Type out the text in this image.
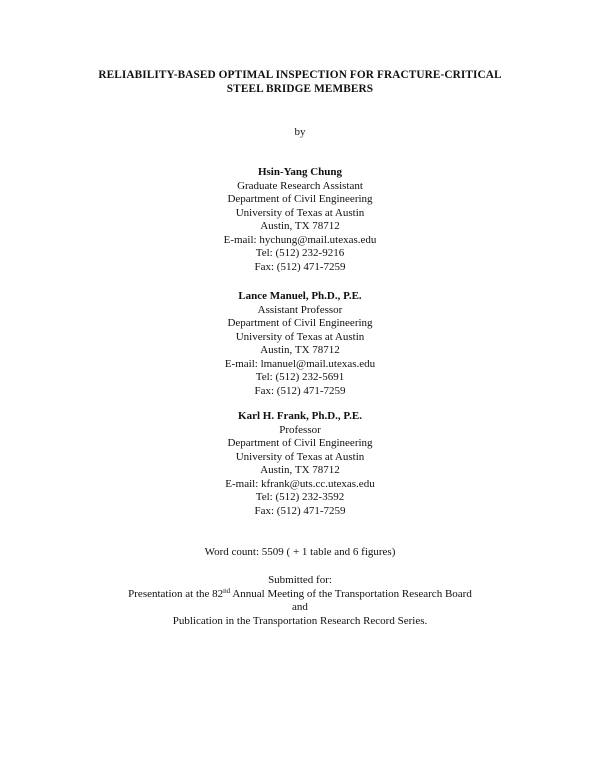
RELIABILITY-BASED OPTIMAL INSPECTION FOR FRACTURE-CRITICAL
STEEL BRIDGE MEMBERS
by
Hsin-Yang Chung
Graduate Research Assistant
Department of Civil Engineering
University of Texas at Austin
Austin, TX 78712
E-mail: hychung@mail.utexas.edu
Tel: (512) 232-9216
Fax: (512) 471-7259
Lance Manuel, Ph.D., P.E.
Assistant Professor
Department of Civil Engineering
University of Texas at Austin
Austin, TX 78712
E-mail: lmanuel@mail.utexas.edu
Tel: (512) 232-5691
Fax: (512) 471-7259
Karl H. Frank, Ph.D., P.E.
Professor
Department of Civil Engineering
University of Texas at Austin
Austin, TX 78712
E-mail: kfrank@uts.cc.utexas.edu
Tel: (512) 232-3592
Fax: (512) 471-7259
Word count: 5509 ( + 1 table and 6 figures)
Submitted for:
Presentation at the 82nd Annual Meeting of the Transportation Research Board
and
Publication in the Transportation Research Record Series.
